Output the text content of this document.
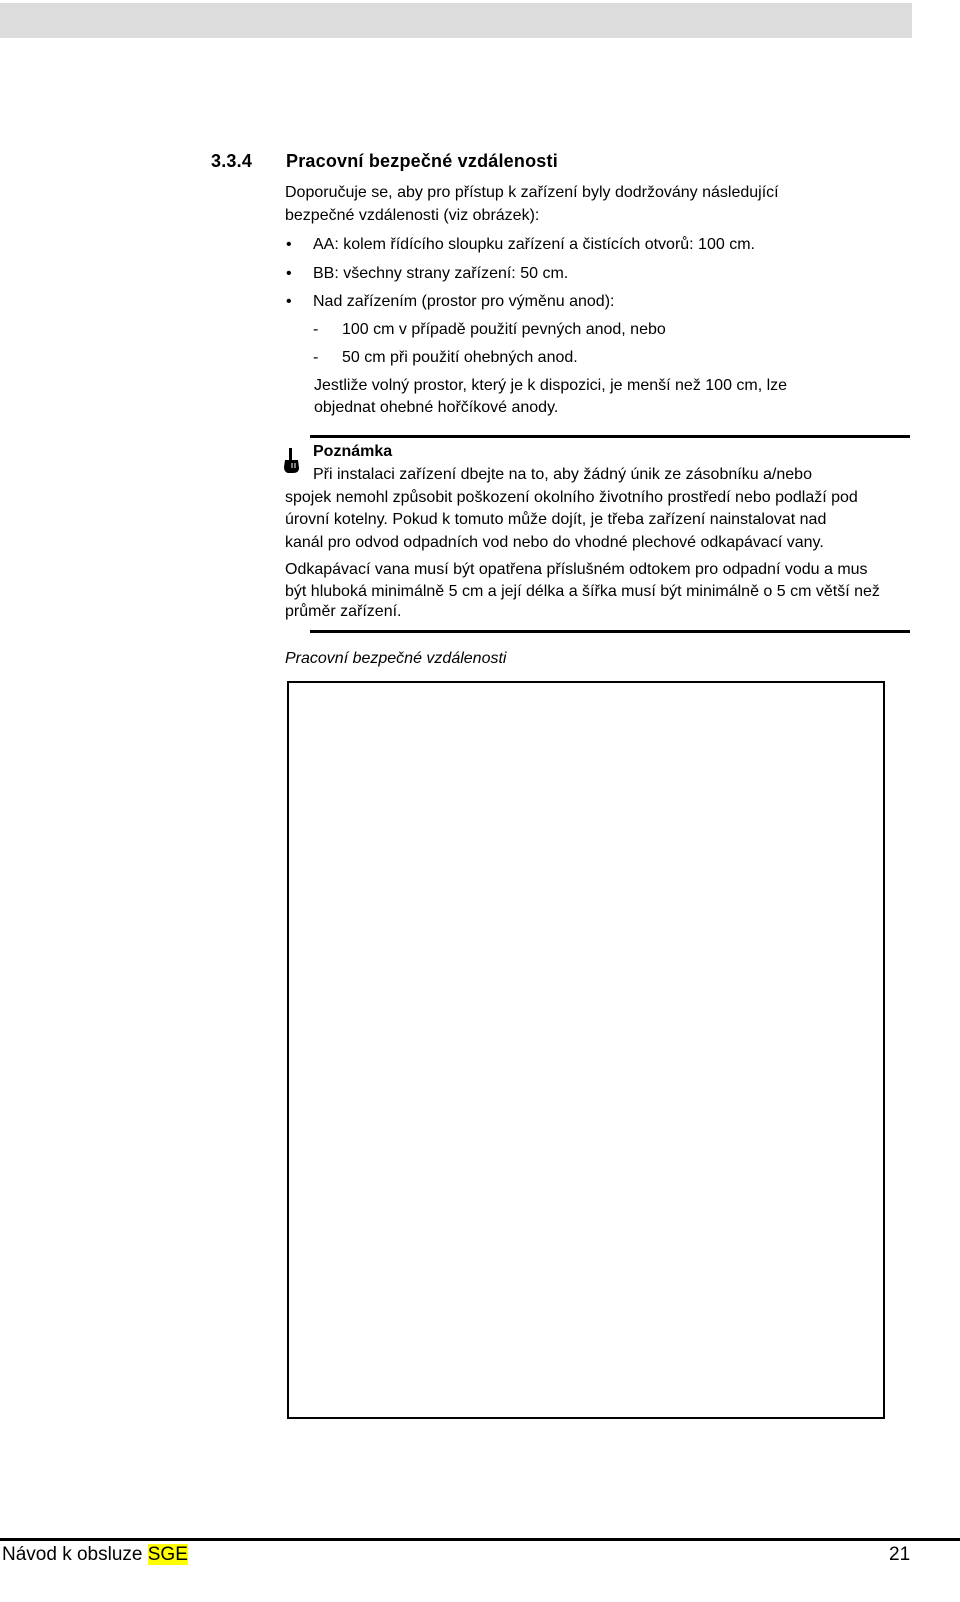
3.3.4 Pracovní bezpečné vzdálenosti
Doporučuje se, aby pro přístup k zařízení byly dodržovány následující
bezpečné vzdálenosti (viz obrázek):
• AA: kolem řídícího sloupku zařízení a čistících otvorů: 100 cm.
• BB: všechny strany zařízení: 50 cm.
• Nad zařízením (prostor pro výměnu anod):
- 100 cm v případě použití pevných anod, nebo
- 50 cm při použití ohebných anod.
Jestliže volný prostor, který je k dispozici, je menší než 100 cm, lze
objednat ohebné hořčíkové anody.
Poznámka
Při instalaci zařízení dbejte na to, aby žádný únik ze zásobníku a/nebo
spojek nemohl způsobit poškození okolního životního prostředí nebo podlaží pod
úrovní kotelny. Pokud k tomuto může dojít, je třeba zařízení nainstalovat nad
kanál pro odvod odpadních vod nebo do vhodné plechové odkapávací vany.
Odkapávací vana musí být opatřena příslušném odtokem pro odpadní vodu a mus
být hluboká minimálně 5 cm a její délka a šířka musí být minimálně o 5 cm větší než
průměr zařízení.
Pracovní bezpečné vzdálenosti
Návod k obsluze SGE	21
